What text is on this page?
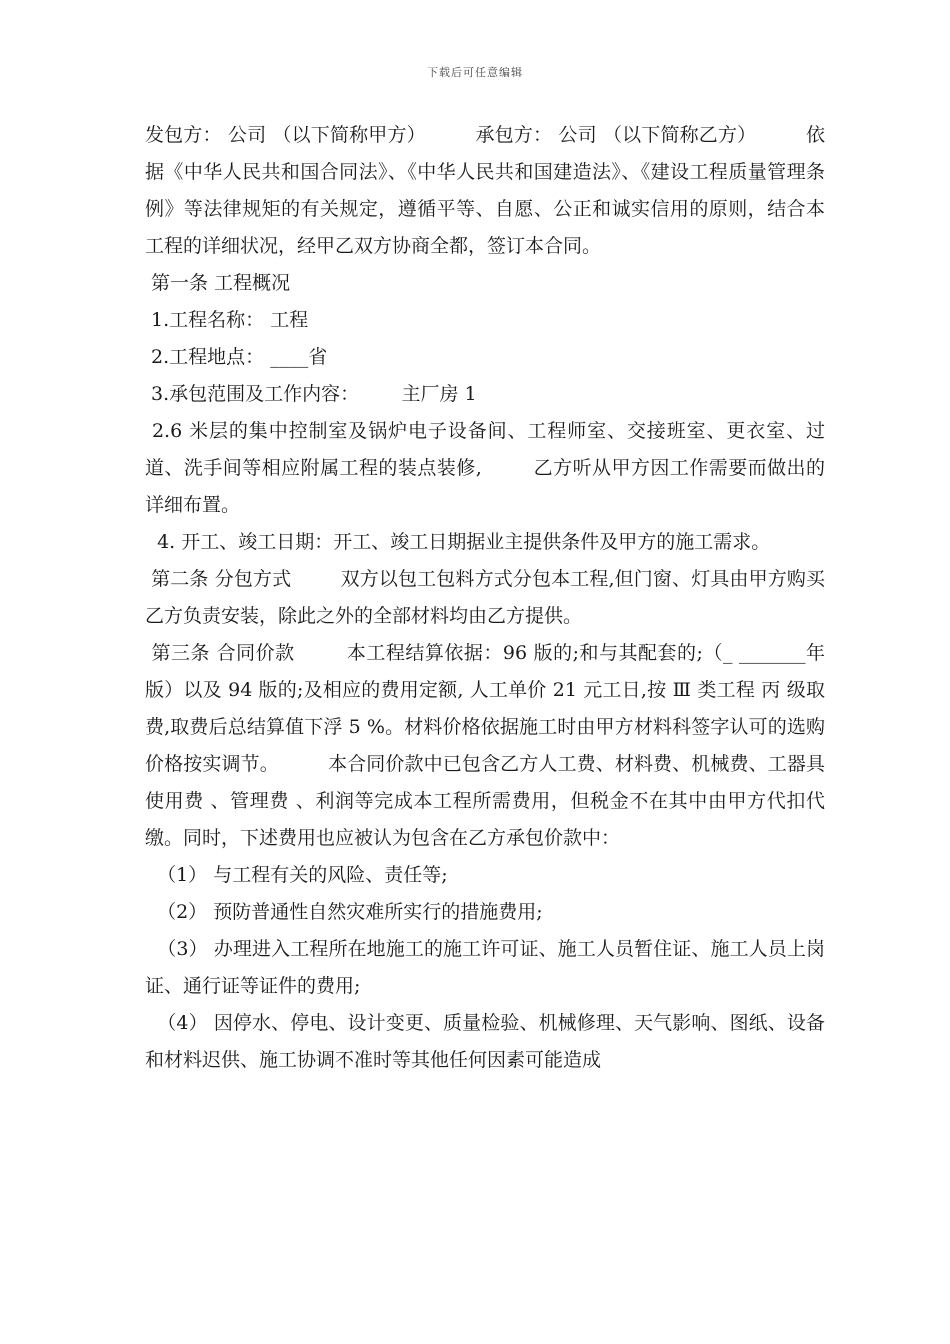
下载后可任意编辑

发包方： 公司 （以下简称甲方）        承包方： 公司 （以下简称乙方）        依据《中华人民共和国合同法》、《中华人民共和国建造法》、《建设工程质量管理条例》等法律规矩的有关规定，遵循平等、自愿、公正和诚实信用的原则，结合本工程的详细状况，经甲乙双方协商全都，签订本合同。

第一条 工程概况

1.工程名称： 工程

2.工程地点： ____省

3.承包范围及工作内容：       主厂房 1

2.6 米层的集中控制室及锅炉电子设备间、工程师室、交接班室、更衣室、过道、洗手间等相应附属工程的装点装修,        乙方听从甲方因工作需要而做出的详细布置。

4. 开工、竣工日期：开工、竣工日期据业主提供条件及甲方的施工需求。

第二条 分包方式        双方以包工包料方式分包本工程,但门窗、灯具由甲方购买乙方负责安装，除此之外的全部材料均由乙方提供。

第三条 合同价款        本工程结算依据：96 版的;和与其配套的;（_ _______年版）以及 94 版的;及相应的费用定额, 人工单价 21 元工日,按 Ⅲ 类工程 丙 级取费,取费后总结算值下浮 5 %。材料价格依据施工时由甲方材料科签字认可的选购价格按实调节。        本合同价款中已包含乙方人工费、材料费、机械费、工器具使用费 、管理费 、利润等完成本工程所需费用，但税金不在其中由甲方代扣代缴。同时，下述费用也应被认为包含在乙方承包价款中：

（1） 与工程有关的风险、责任等;

（2） 预防普通性自然灾难所实行的措施费用;

（3） 办理进入工程所在地施工的施工许可证、施工人员暂住证、施工人员上岗证、通行证等证件的费用;

（4） 因停水、停电、设计变更、质量检验、机械修理、天气影响、图纸、设备和材料迟供、施工协调不准时等其他任何因素可能造成
